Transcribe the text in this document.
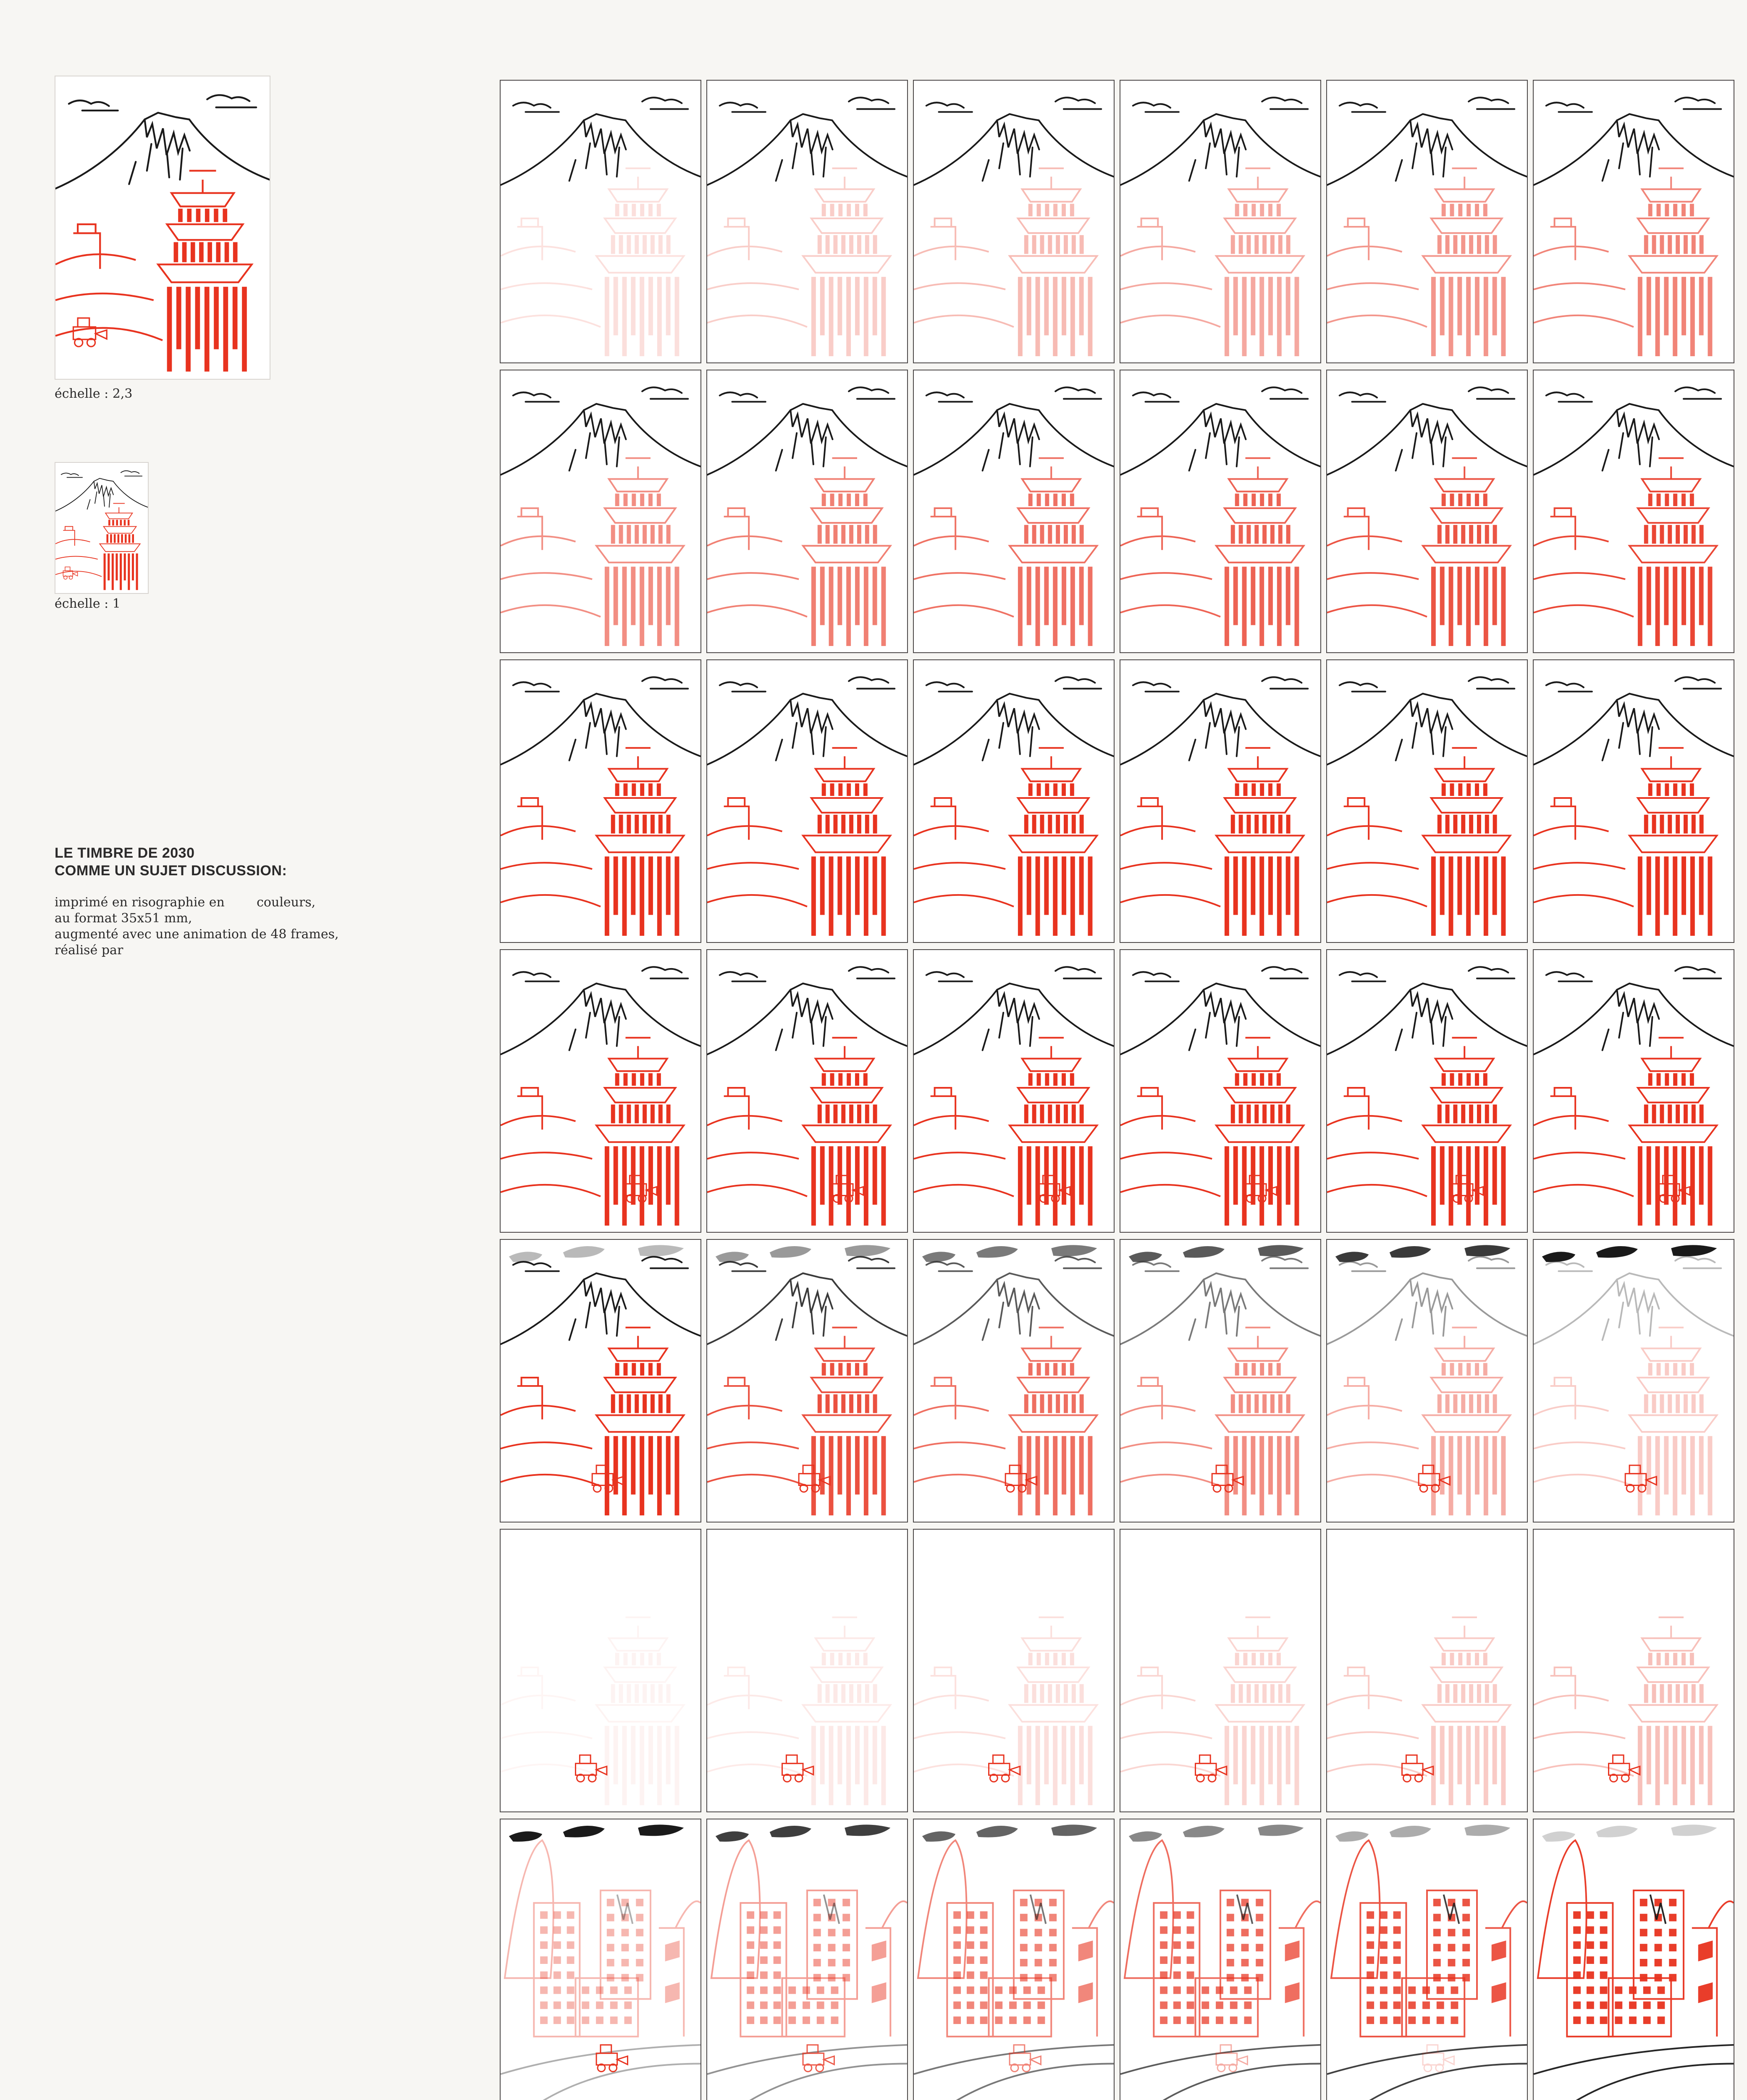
échelle : 2,3
échelle : 1
LE TIMBRE DE 2030
COMME UN SUJET DISCUSSION:
imprimé en risographie en        couleurs,
au format 35x51 mm,
augmenté avec une animation de 48 frames,
réalisé par
